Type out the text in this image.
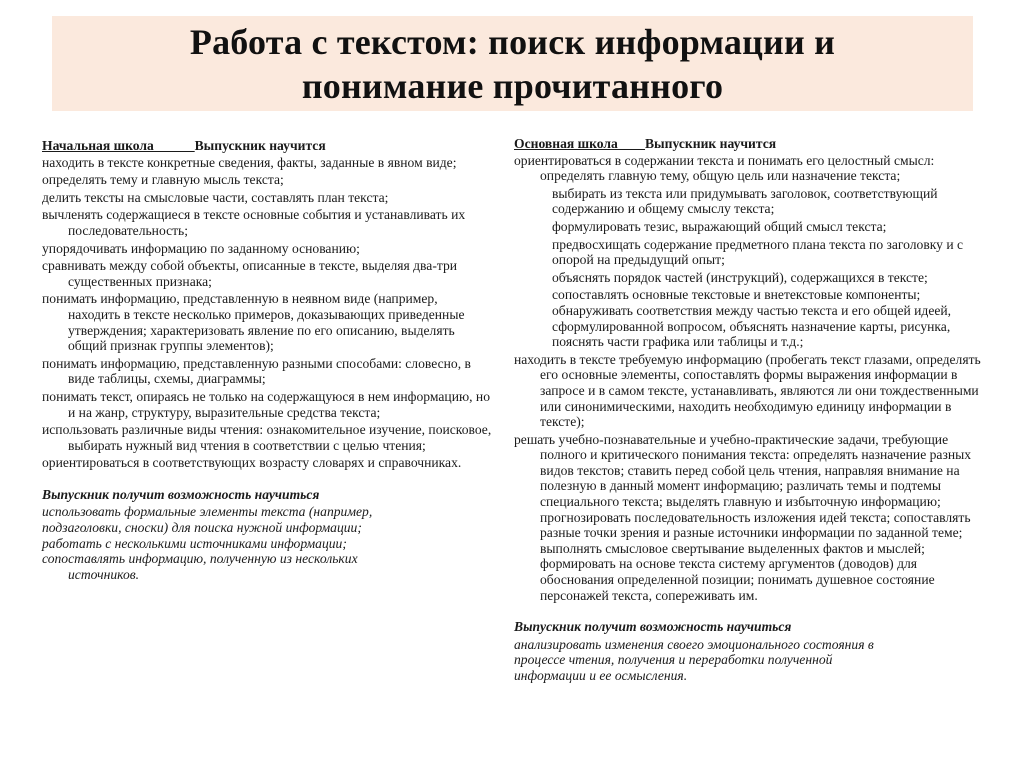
Работа с текстом: поиск информации и
понимание прочитанного
Начальная школа______Выпускник научится
находить в тексте конкретные сведения, факты, заданные в явном виде;
определять тему и главную мысль текста;
делить тексты на смысловые части, составлять план текста;
вычленять содержащиеся в тексте основные события и устанавливать их последовательность;
упорядочивать информацию по заданному основанию;
сравнивать между собой объекты, описанные в тексте, выделяя два-три существенных признака;
понимать информацию, представленную в неявном виде (например, находить в тексте несколько примеров, доказывающих приведенные утверждения; характеризовать явление по его описанию, выделять общий признак группы элементов);
понимать информацию, представленную разными способами: словесно, в виде таблицы, схемы, диаграммы;
понимать текст, опираясь не только на содержащуюся в нем информацию, но и на жанр, структуру, выразительные средства текста;
использовать различные виды чтения: ознакомительное изучение, поисковое, выбирать нужный вид чтения в соответствии с целью чтения;
ориентироваться в соответствующих возрасту словарях и справочниках.
Выпускник получит возможность научиться
использовать формальные элементы текста (например,
подзаголовки, сноски) для поиска нужной информации;
работать с несколькими источниками информации;
сопоставлять информацию, полученную из нескольких
источников.
Основная школа____Выпускник научится
ориентироваться в содержании текста и понимать его целостный смысл: определять главную тему, общую цель или назначение текста;
выбирать из текста или придумывать заголовок, соответствующий содержанию и общему смыслу текста;
формулировать тезис, выражающий общий смысл текста;
предвосхищать содержание предметного плана текста по заголовку и с опорой на предыдущий опыт;
объяснять порядок частей (инструкций), содержащихся в тексте;
сопоставлять основные текстовые и внетекстовые компоненты; обнаруживать соответствия между частью текста и его общей идеей, сформулированной вопросом, объяснять назначение карты, рисунка, пояснять части графика или таблицы и т.д.;
находить в тексте требуемую информацию (пробегать текст глазами, определять его основные элементы, сопоставлять формы выражения информации в запросе и в самом тексте, устанавливать, являются ли они тождественными или синонимическими, находить необходимую единицу информации в тексте);
решать учебно-познавательные и учебно-практические задачи, требующие полного и критического понимания текста: определять назначение разных видов текстов; ставить перед собой цель чтения, направляя внимание на полезную в данный момент информацию; различать темы и подтемы специального текста; выделять главную и избыточную информацию; прогнозировать последовательность изложения идей текста; сопоставлять разные точки зрения и разные источники информации по заданной теме; выполнять смысловое свертывание выделенных фактов и мыслей; формировать на основе текста систему аргументов (доводов) для обоснования определенной позиции; понимать душевное состояние персонажей текста, сопереживать им.
Выпускник получит возможность научиться
анализировать изменения своего эмоционального состояния в
процессе чтения, получения и переработки полученной
информации и ее осмысления.
